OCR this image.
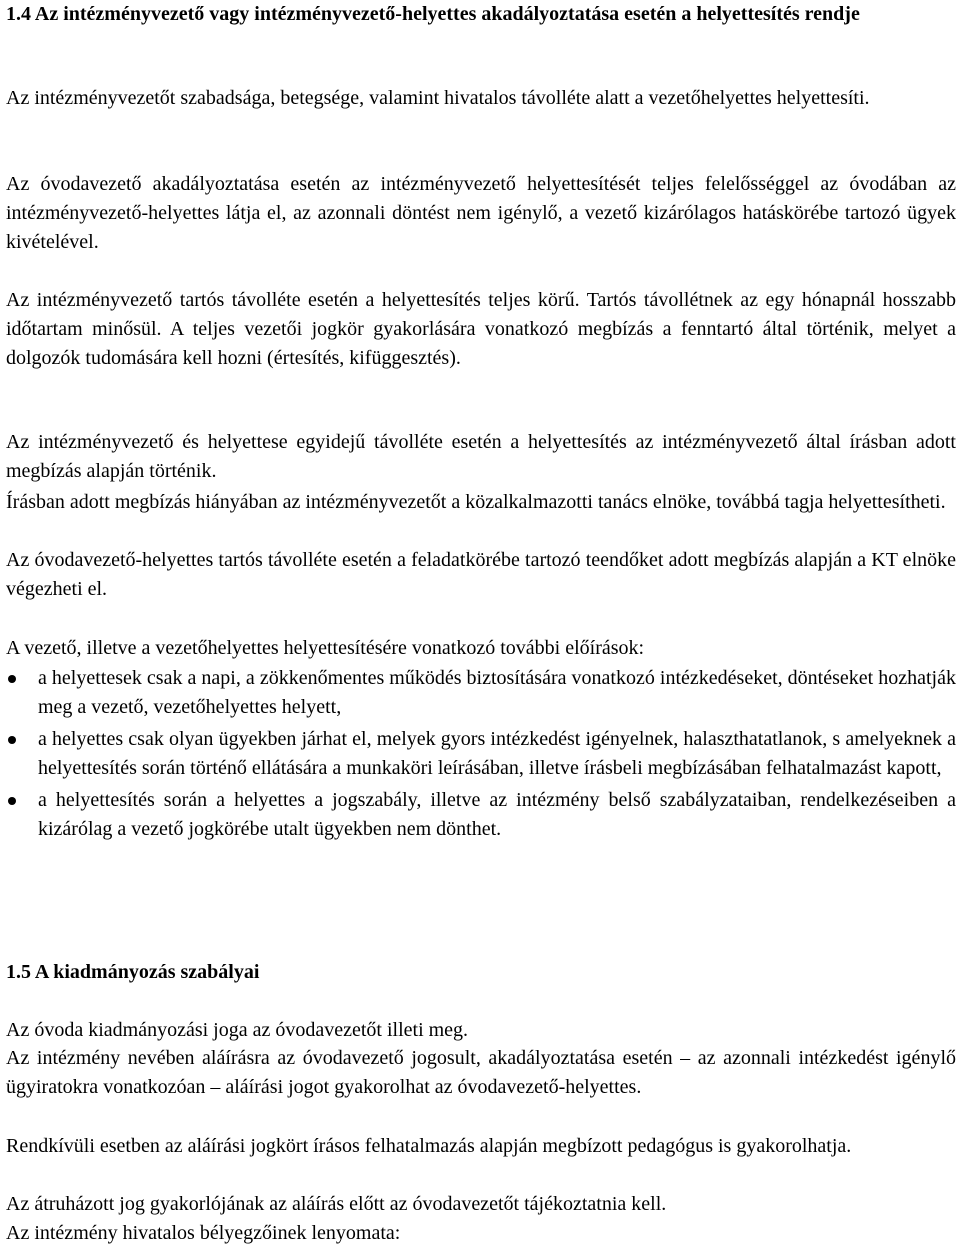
1.4 Az intézményvezető vagy intézményvezető-helyettes akadályoztatása esetén a helyettesítés rendje

Az intézményvezetőt szabadsága, betegsége, valamint hivatalos távolléte alatt a vezetőhelyettes helyettesíti.

Az óvodavezető akadályoztatása esetén az intézményvezető helyettesítését teljes felelősséggel az óvodában az intézményvezető-helyettes látja el, az azonnali döntést nem igénylő, a vezető kizárólagos hatáskörébe tartozó ügyek kivételével.

Az intézményvezető tartós távolléte esetén a helyettesítés teljes körű. Tartós távollétnek az egy hónapnál hosszabb időtartam minősül. A teljes vezetői jogkör gyakorlására vonatkozó megbízás a fenntartó által történik, melyet a dolgozók tudomására kell hozni (értesítés, kifüggesztés).

Az intézményvezető és helyettese egyidejű távolléte esetén a helyettesítés az intézményvezető által írásban adott megbízás alapján történik.

Írásban adott megbízás hiányában az intézményvezetőt a közalkalmazotti tanács elnöke, továbbá tagja helyettesítheti.

Az óvodavezető-helyettes tartós távolléte esetén a feladatkörébe tartozó teendőket adott megbízás alapján a KT elnöke végezheti el.

A vezető, illetve a vezetőhelyettes helyettesítésére vonatkozó további előírások:

a helyettesek csak a napi, a zökkenőmentes működés biztosítására vonatkozó intézkedéseket, döntéseket hozhatják meg a vezető, vezetőhelyettes helyett,
a helyettes csak olyan ügyekben járhat el, melyek gyors intézkedést igényelnek, halaszthatatlanok, s amelyeknek a helyettesítés során történő ellátására a munkaköri leírásában, illetve írásbeli megbízásában felhatalmazást kapott,
a helyettesítés során a helyettes a jogszabály, illetve az intézmény belső szabályzataiban, rendelkezéseiben a kizárólag a vezető jogkörébe utalt ügyekben nem dönthet.
1.5 A kiadmányozás szabályai

Az óvoda kiadmányozási joga az óvodavezetőt illeti meg.

Az intézmény nevében aláírásra az óvodavezető jogosult, akadályoztatása esetén – az azonnali intézkedést igénylő ügyiratokra vonatkozóan – aláírási jogot gyakorolhat az óvodavezető-helyettes.

Rendkívüli esetben az aláírási jogkört írásos felhatalmazás alapján megbízott pedagógus is gyakorolhatja.

Az átruházott jog gyakorlójának az aláírás előtt az óvodavezetőt tájékoztatnia kell.

Az intézmény hivatalos bélyegzőinek lenyomata:
